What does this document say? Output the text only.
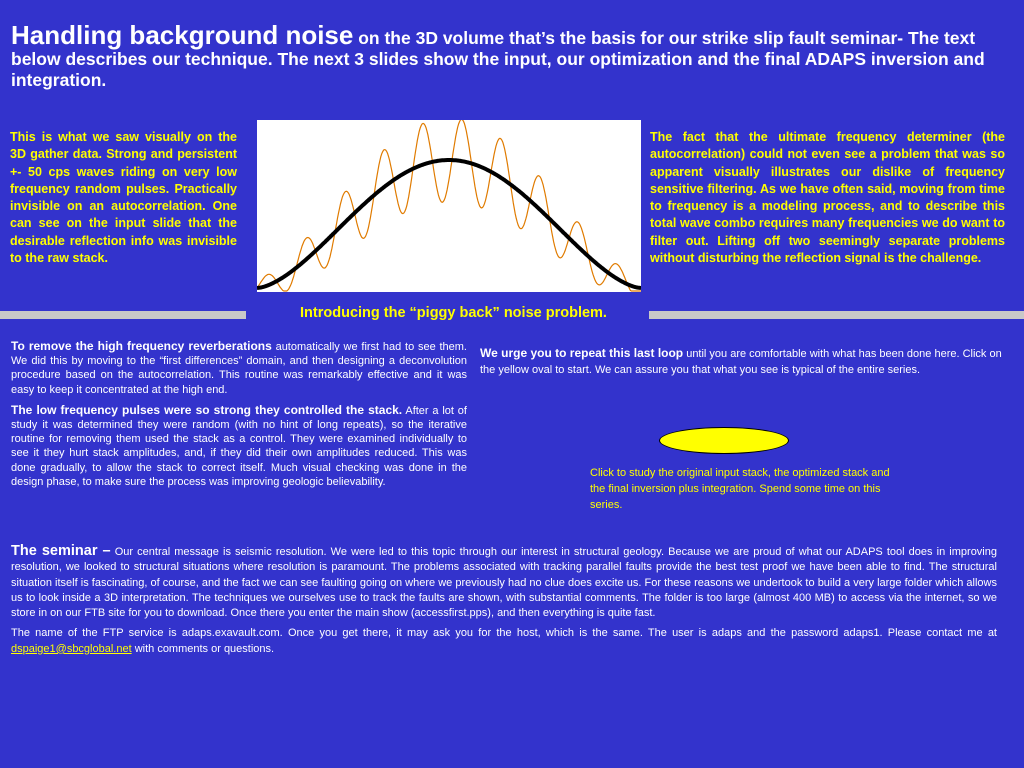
Handling background noise on the 3D volume that’s the basis for our strike slip fault seminar- The text below describes our technique. The next 3 slides show the input, our optimization and the final ADAPS inversion and integration.
This is what we saw visually on the 3D gather data. Strong and persistent +- 50 cps waves riding on very low frequency random pulses. Practically invisible on an autocorrelation. One can see on the input slide that the desirable reflection info was invisible to the raw stack.
The fact that the ultimate frequency determiner (the autocorrelation) could not even see a problem that was so apparent visually illustrates our dislike of frequency sensitive filtering. As we have often said, moving from time to frequency is a modeling process, and to describe this total wave combo requires many frequencies we do want to filter out. Lifting off two seemingly separate problems without disturbing the reflection signal is the challenge.
Introducing the “piggy back” noise problem.

To remove the high frequency reverberations automatically we first had to see them. We did this by moving to the “first differences” domain, and then designing a deconvolution procedure based on the autocorrelation. This routine was remarkably effective and it was easy to keep it concentrated at the high end.

The low frequency pulses were so strong they controlled the stack. After a lot of study it was determined they were random (with no hint of long repeats), so the iterative routine for removing them used the stack as a control. They were examined individually to see it they hurt stack amplitudes, and, if they did their own amplitudes reduced. This was done gradually, to allow the stack to correct itself. Much visual checking was done in the design phase, to make sure the process was improving geologic believability.

We urge you to repeat this last loop until you are comfortable with what has been done here. Click on the yellow oval to start. We can assure you that what you see is typical of the entire series.
Click to study the original input stack, the optimized stack and the final inversion plus integration. Spend some time on this series.

The seminar – Our central message is seismic resolution. We were led to this topic through our interest in structural geology. Because we are proud of what our ADAPS tool does in improving resolution, we looked to structural situations where resolution is paramount. The problems associated with tracking parallel faults provide the best test proof we have been able to find. The structural situation itself is fascinating, of course, and the fact we can see faulting going on where we previously had no clue does excite us. For these reasons we undertook to build a very large folder which allows us to look inside a 3D interpretation. The techniques we ourselves use to track the faults are shown, with substantial comments. The folder is too large (almost 400 MB) to access via the internet, so we store in on our FTB site for you to download. Once there you enter the main show (accessfirst.pps), and then everything is quite fast.

The name of the FTP service is adaps.exavault.com. Once you get there, it may ask you for the host, which is the same. The user is adaps and the password adaps1. Please contact me at dspaige1@sbcglobal.net with comments or questions.
